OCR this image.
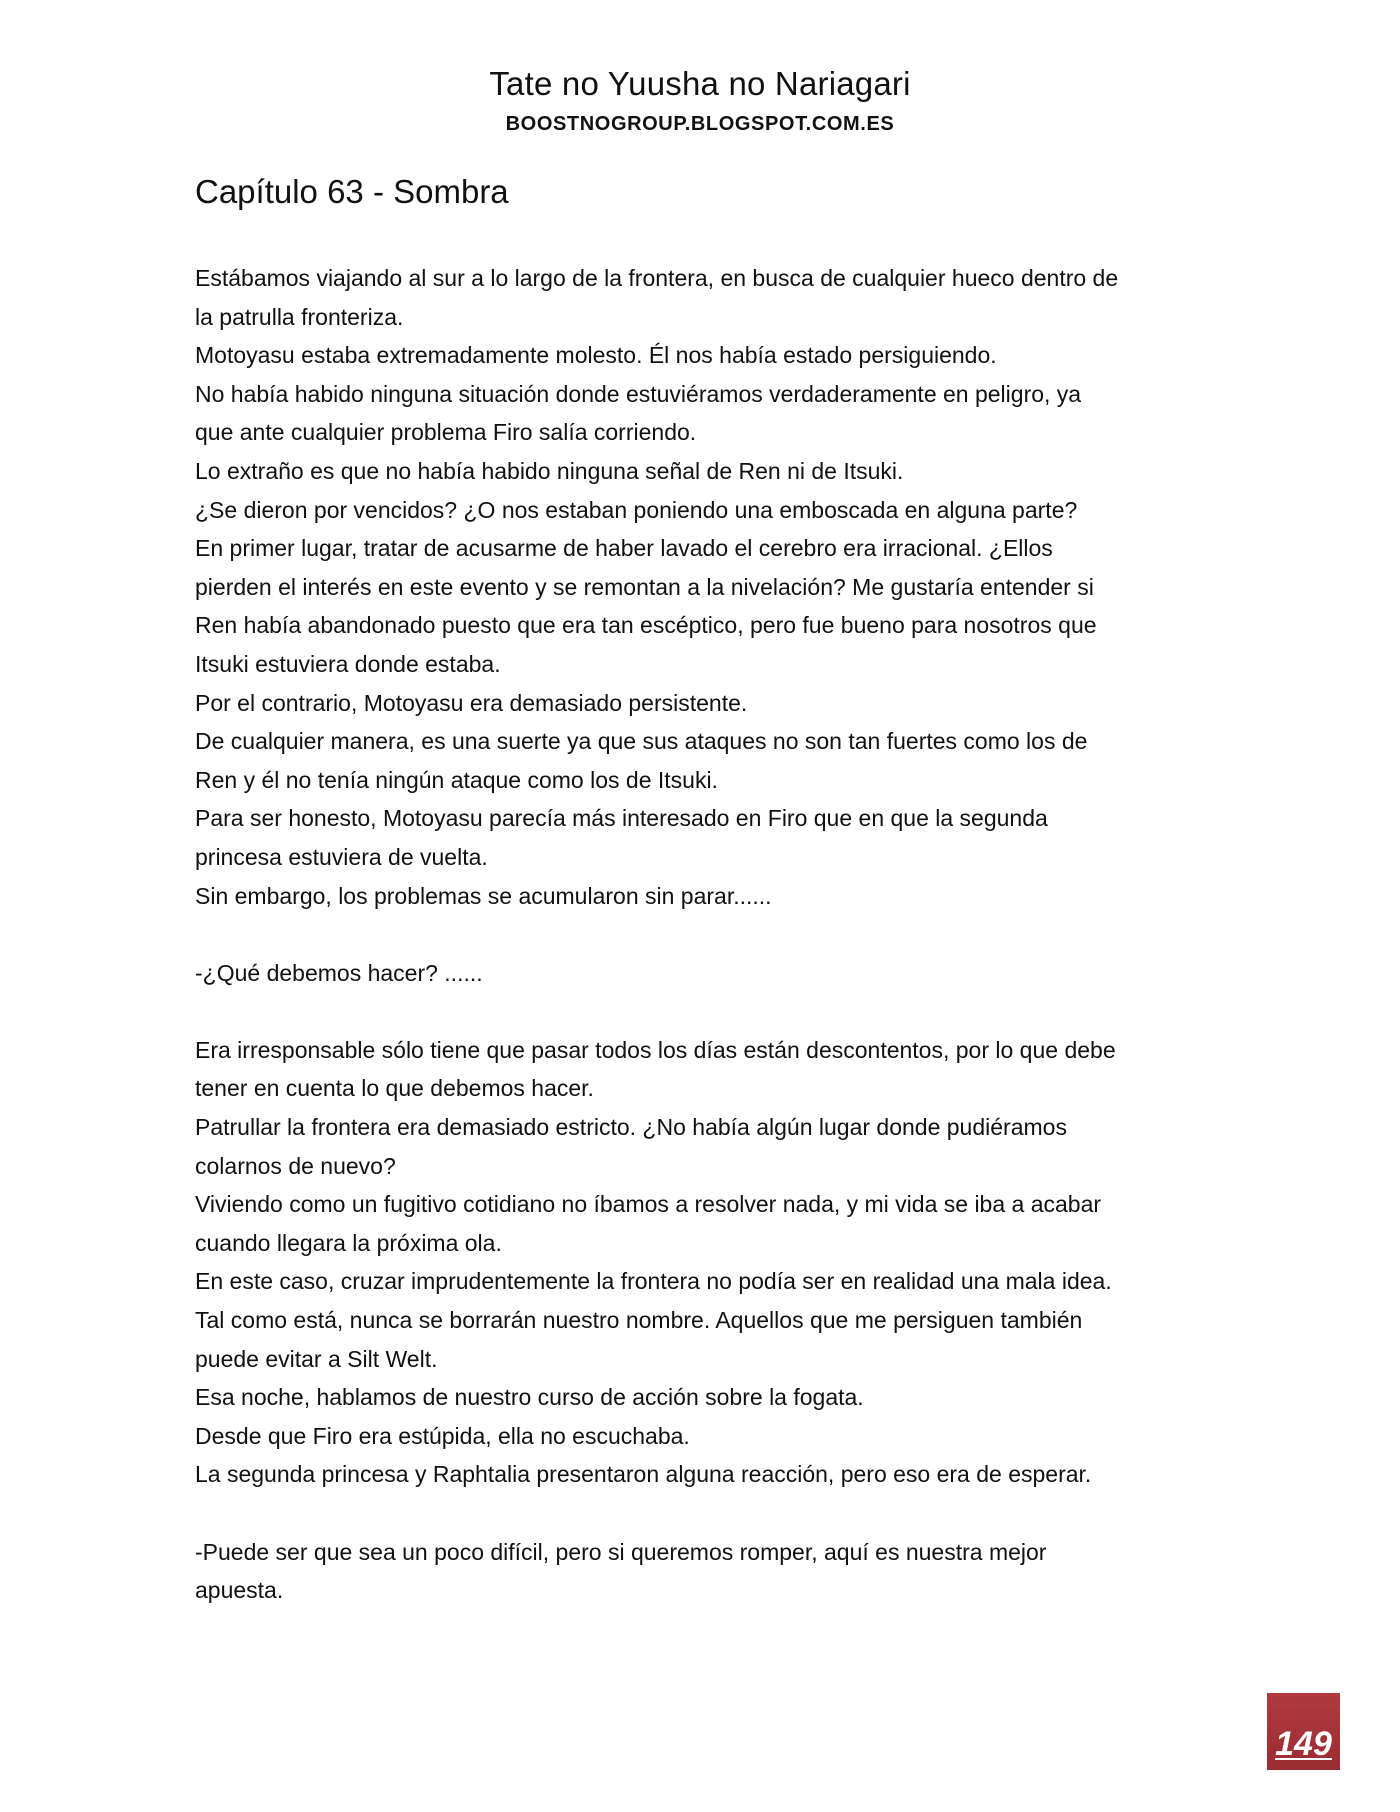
Tate no Yuusha no Nariagari
BOOSTNOGROUP.BLOGSPOT.COM.ES
Capítulo 63 - Sombra
Estábamos viajando al sur a lo largo de la frontera, en busca de cualquier hueco dentro de
la patrulla fronteriza.
Motoyasu estaba extremadamente molesto. Él nos había estado persiguiendo.
No había habido ninguna situación donde estuviéramos verdaderamente en peligro, ya
que ante cualquier problema Firo salía corriendo.
Lo extraño es que no había habido ninguna señal de Ren ni de Itsuki.
¿Se dieron por vencidos? ¿O nos estaban poniendo una emboscada en alguna parte?
En primer lugar, tratar de acusarme de haber lavado el cerebro era irracional. ¿Ellos
pierden el interés en este evento y se remontan a la nivelación? Me gustaría entender si
Ren había abandonado puesto que era tan escéptico, pero fue bueno para nosotros que
Itsuki estuviera donde estaba.
Por el contrario, Motoyasu era demasiado persistente.
De cualquier manera, es una suerte ya que sus ataques no son tan fuertes como los de
Ren y él no tenía ningún ataque como los de Itsuki.
Para ser honesto, Motoyasu parecía más interesado en Firo que en que la segunda
princesa estuviera de vuelta.
Sin embargo, los problemas se acumularon sin parar......
-¿Qué debemos hacer? ......
Era irresponsable sólo tiene que pasar todos los días están descontentos, por lo que debe
tener en cuenta lo que debemos hacer.
Patrullar la frontera era demasiado estricto. ¿No había algún lugar donde pudiéramos
colarnos de nuevo?
Viviendo como un fugitivo cotidiano no íbamos a resolver nada, y mi vida se iba a acabar
cuando llegara la próxima ola.
En este caso, cruzar imprudentemente la frontera no podía ser en realidad una mala idea.
Tal como está, nunca se borrarán nuestro nombre. Aquellos que me persiguen también
puede evitar a Silt Welt.
Esa noche, hablamos de nuestro curso de acción sobre la fogata.
Desde que Firo era estúpida, ella no escuchaba.
La segunda princesa y Raphtalia presentaron alguna reacción, pero eso era de esperar.
-Puede ser que sea un poco difícil, pero si queremos romper, aquí es nuestra mejor
apuesta.
149
